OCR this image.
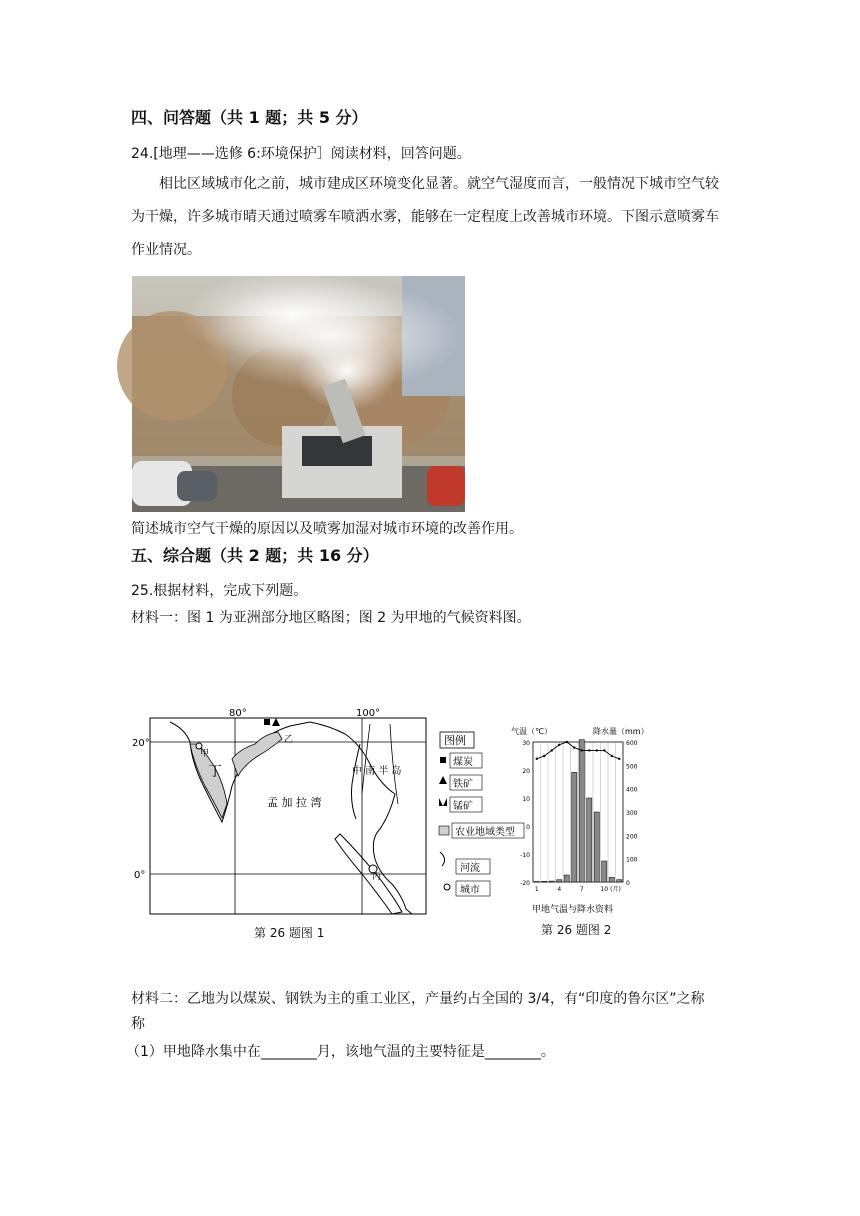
四、问答题（共 1 题；共 5 分）
24.[地理——选修 6:环境保护］阅读材料，回答问题。
相比区域城市化之前，城市建成区环境变化显著。就空气湿度而言，一般情况下城市空气较为干燥，许多城市晴天通过喷雾车喷洒水雾，能够在一定程度上改善城市环境。下图示意喷雾车作业情况。
简述城市空气干燥的原因以及喷雾加湿对城市环境的改善作用。
五、综合题（共 2 题；共 16 分）
25.根据材料，完成下列题。
材料一：图 1 为亚洲部分地区略图；图 2 为甲地的气候资料图。
80°	100°
20°
0°
甲
乙
丙
丁	中 南 半 岛
孟 加 拉 湾
图例
煤炭
铁矿
锰矿
农业地域类型
河流
城市
第 26 题图 1
气温（℃）	降水量（mm）
30
20
10
0
-10
-20
600
500
400
300
200
100
0
1	4	7	10 (月)
甲地气温与降水资料
第 26 题图 2
材料二：乙地为以煤炭、钢铁为主的重工业区，产量约占全国的 3/4，有“印度的鲁尔区”之称
称
（1）甲地降水集中在________月，该地气温的主要特征是________。
